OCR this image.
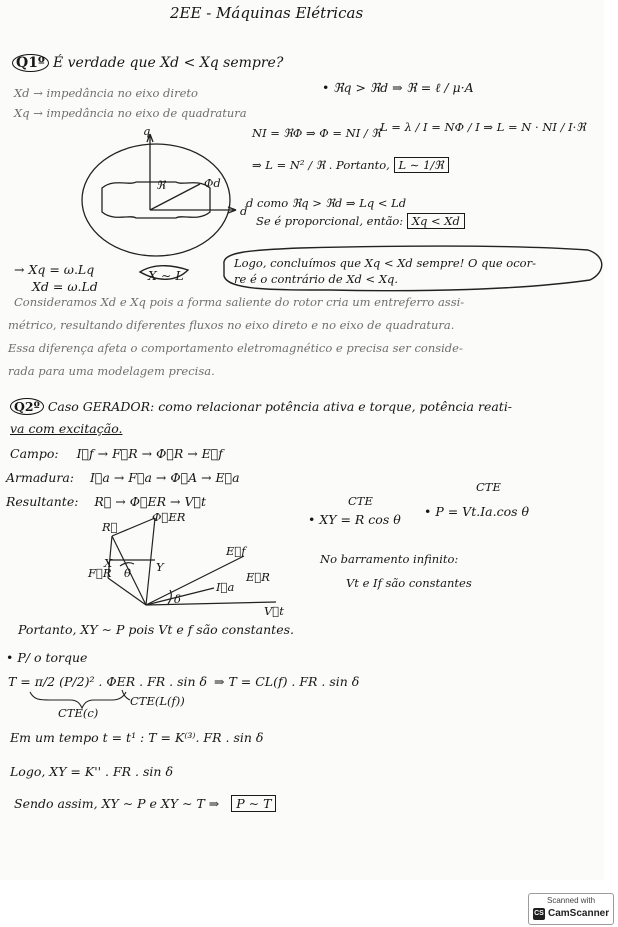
2EE - Máquinas Elétricas
Q1º É verdade que Xd < Xq sempre?
Xd → impedância no eixo direto
Xq → impedância no eixo de quadratura
• ℜq > ℜd ⇒ ℜ = ℓ / μ·A
NI = ℜΦ ⇒ Φ = NI / ℜ L = λ / I = NΦ / I ⇒ L = N · NI / I·ℜ
⇒ L = N² / ℜ . Portanto, L ∼ 1/ℜ
d como ℜq > ℜd ⇒ Lq < Ld
Se é proporcional, então: Xq < Xd
q
d
Φd
ℜ
→ Xq = ω.Lq
Xd = ω.Ld
X ∼ L
Logo, concluímos que Xq < Xd sempre! O que ocor-
re é o contrário de Xd < Xq.
Consideramos Xd e Xq pois a forma saliente do rotor cria um entreferro assi-
métrico, resultando diferentes fluxos no eixo direto e no eixo de quadratura.
Essa diferença afeta o comportamento eletromagnético e precisa ser conside-
rada para uma modelagem precisa.
Q2º Caso GERADOR: como relacionar potência ativa e torque, potência reati-
va com excitação.
Campo: I⃗f → F⃗R → Φ⃗R → E⃗f
Armadura: I⃗a → F⃗a → Φ⃗A → E⃗a
Resultante: R⃗ → Φ⃗ER → V⃗t	CTE
• XY = R cos θ
CTE
• P = Vt.Ia.cos θ
No barramento infinito:
Vt e If são constantes
Φ⃗ER
R⃗
E⃗f
E⃗R
F⃗R
I⃗a
V⃗t
δ
θ
X	Y
Portanto, XY ∼ P pois Vt e f são constantes.
• P/ o torque
T = π/2 (P/2)² . ΦER . FR . sin δ ⇒ T = CL(f) . FR . sin δ
CTE(c)
CTE(L(f))
Em um tempo t = t¹ : T = K⁽³⁾. FR . sin δ
Logo, XY = K'' . FR . sin δ
Sendo assim, XY ∼ P e XY ∼ T ⇒ P ∼ T
Scanned with
CS CamScanner
